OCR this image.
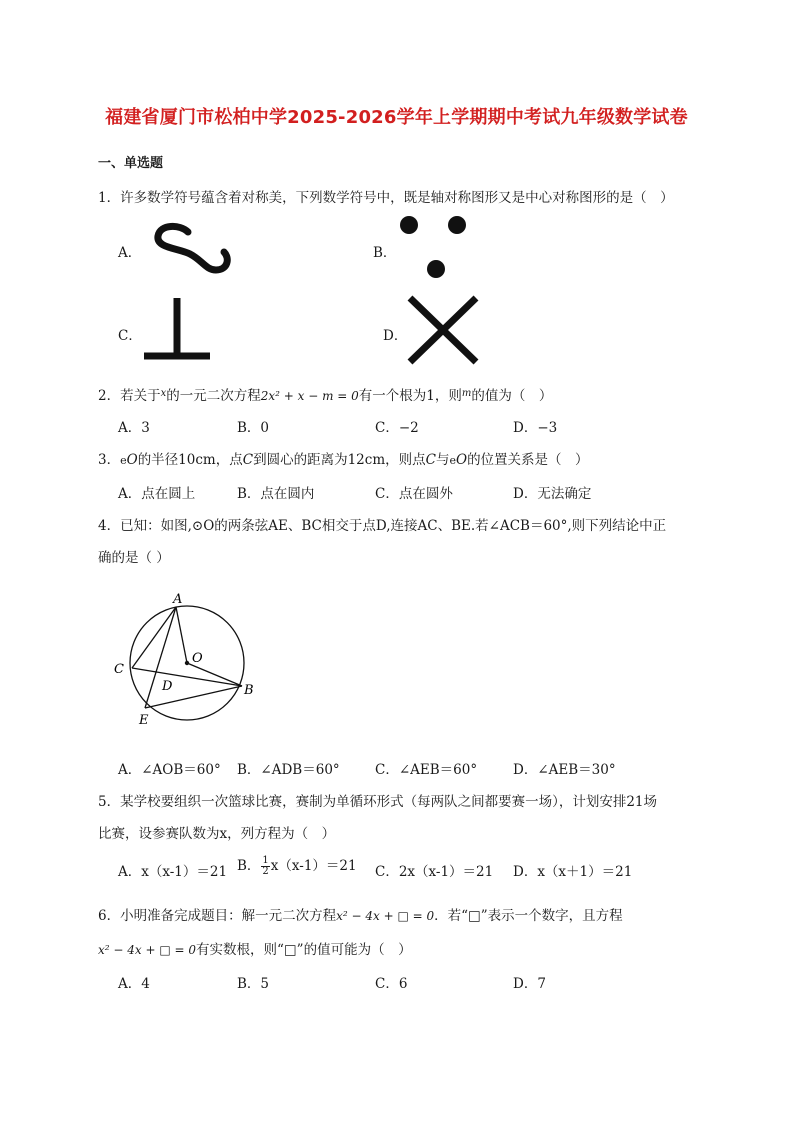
福建省厦门市松柏中学2025-2026学年上学期期中考试九年级数学试卷
一、单选题
1．许多数学符号蕴含着对称美，下列数学符号中，既是轴对称图形又是中心对称图形的是（　）
A．	B．
C．	D．
2．若关于$^x$的一元二次方程2x² + x − m = 0有一个根为1，则$^m$的值为（　）
A．3	B．0	C．−2	D．−3
3．eO的半径10cm，点C到圆心的距离为12cm，则点C与eO的位置关系是（　）
A．点在圆上	B．点在圆内	C．点在圆外	D．无法确定
4．已知：如图,⊙O的两条弦AE、BC相交于点D,连接AC、BE.若∠ACB＝60°,则下列结论中正
确的是（ ）
A
O
C
D	B
E
A．∠AOB＝60° B．∠ADB＝60°	C．∠AEB＝60°	D．∠AEB＝30°
5．某学校要组织一次篮球比赛，赛制为单循环形式（每两队之间都要赛一场），计划安排21场
比赛，设参赛队数为x，列方程为（　）
A．x（x-1）＝21 B． $\frac{1}{2} x(x-1)=21$ C．2x（x-1）＝21 D．x（x＋1）＝21
6．小明准备完成题目：解一元二次方程x² − 4x + □ = 0．若“□”表示一个数字，且方程
x² − 4x + □ = 0有实数根，则“□”的值可能为（　）
A．4	B．5	C．6	D．7
